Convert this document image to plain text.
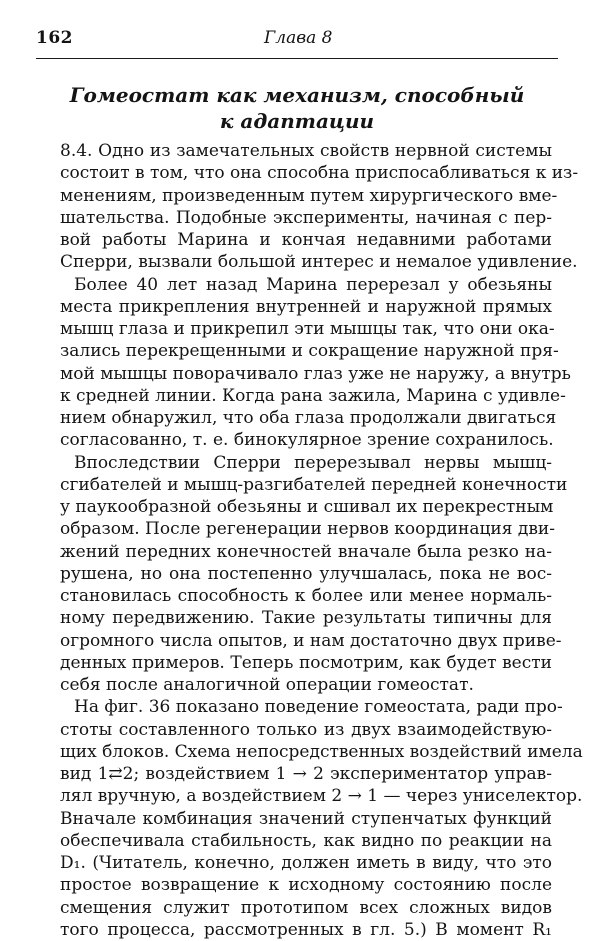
162	Глава 8
Гомеостат как механизм, способный
к адаптации
8.4. Одно из замечательных свойств нервной системы
состоит в том, что она способна приспосабливаться к из-
менениям, произведенным путем хирургического вме-
шательства. Подобные эксперименты, начиная с пер-
вой работы Марина и кончая недавними работами
Сперри, вызвали большой интерес и немалое удивление.
Более 40 лет назад Марина перерезал у обезьяны
места прикрепления внутренней и наружной прямых
мышц глаза и прикрепил эти мышцы так, что они ока-
зались перекрещенными и сокращение наружной пря-
мой мышцы поворачивало глаз уже не наружу, а внутрь
к средней линии. Когда рана зажила, Марина с удивле-
нием обнаружил, что оба глаза продолжали двигаться
согласованно, т. е. бинокулярное зрение сохранилось.
Впоследствии Сперри перерезывал нервы мышц-
сгибателей и мышц-разгибателей передней конечности
у паукообразной обезьяны и сшивал их перекрестным
образом. После регенерации нервов координация дви-
жений передних конечностей вначале была резко на-
рушена, но она постепенно улучшалась, пока не вос-
становилась способность к более или менее нормаль-
ному передвижению. Такие результаты типичны для
огромного числа опытов, и нам достаточно двух приве-
денных примеров. Теперь посмотрим, как будет вести
себя после аналогичной операции гомеостат.
На фиг. 36 показано поведение гомеостата, ради про-
стоты составленного только из двух взаимодействую-
щих блоков. Схема непосредственных воздействий имела
вид 1⇄2; воздействием 1 → 2 экспериментатор управ-
лял вручную, а воздействием 2 → 1 — через униселектор.
Вначале комбинация значений ступенчатых функций
обеспечивала стабильность, как видно по реакции на
D₁. (Читатель, конечно, должен иметь в виду, что это
простое возвращение к исходному состоянию после
смещения служит прототипом всех сложных видов
того процесса, рассмотренных в гл. 5.) В момент R₁
